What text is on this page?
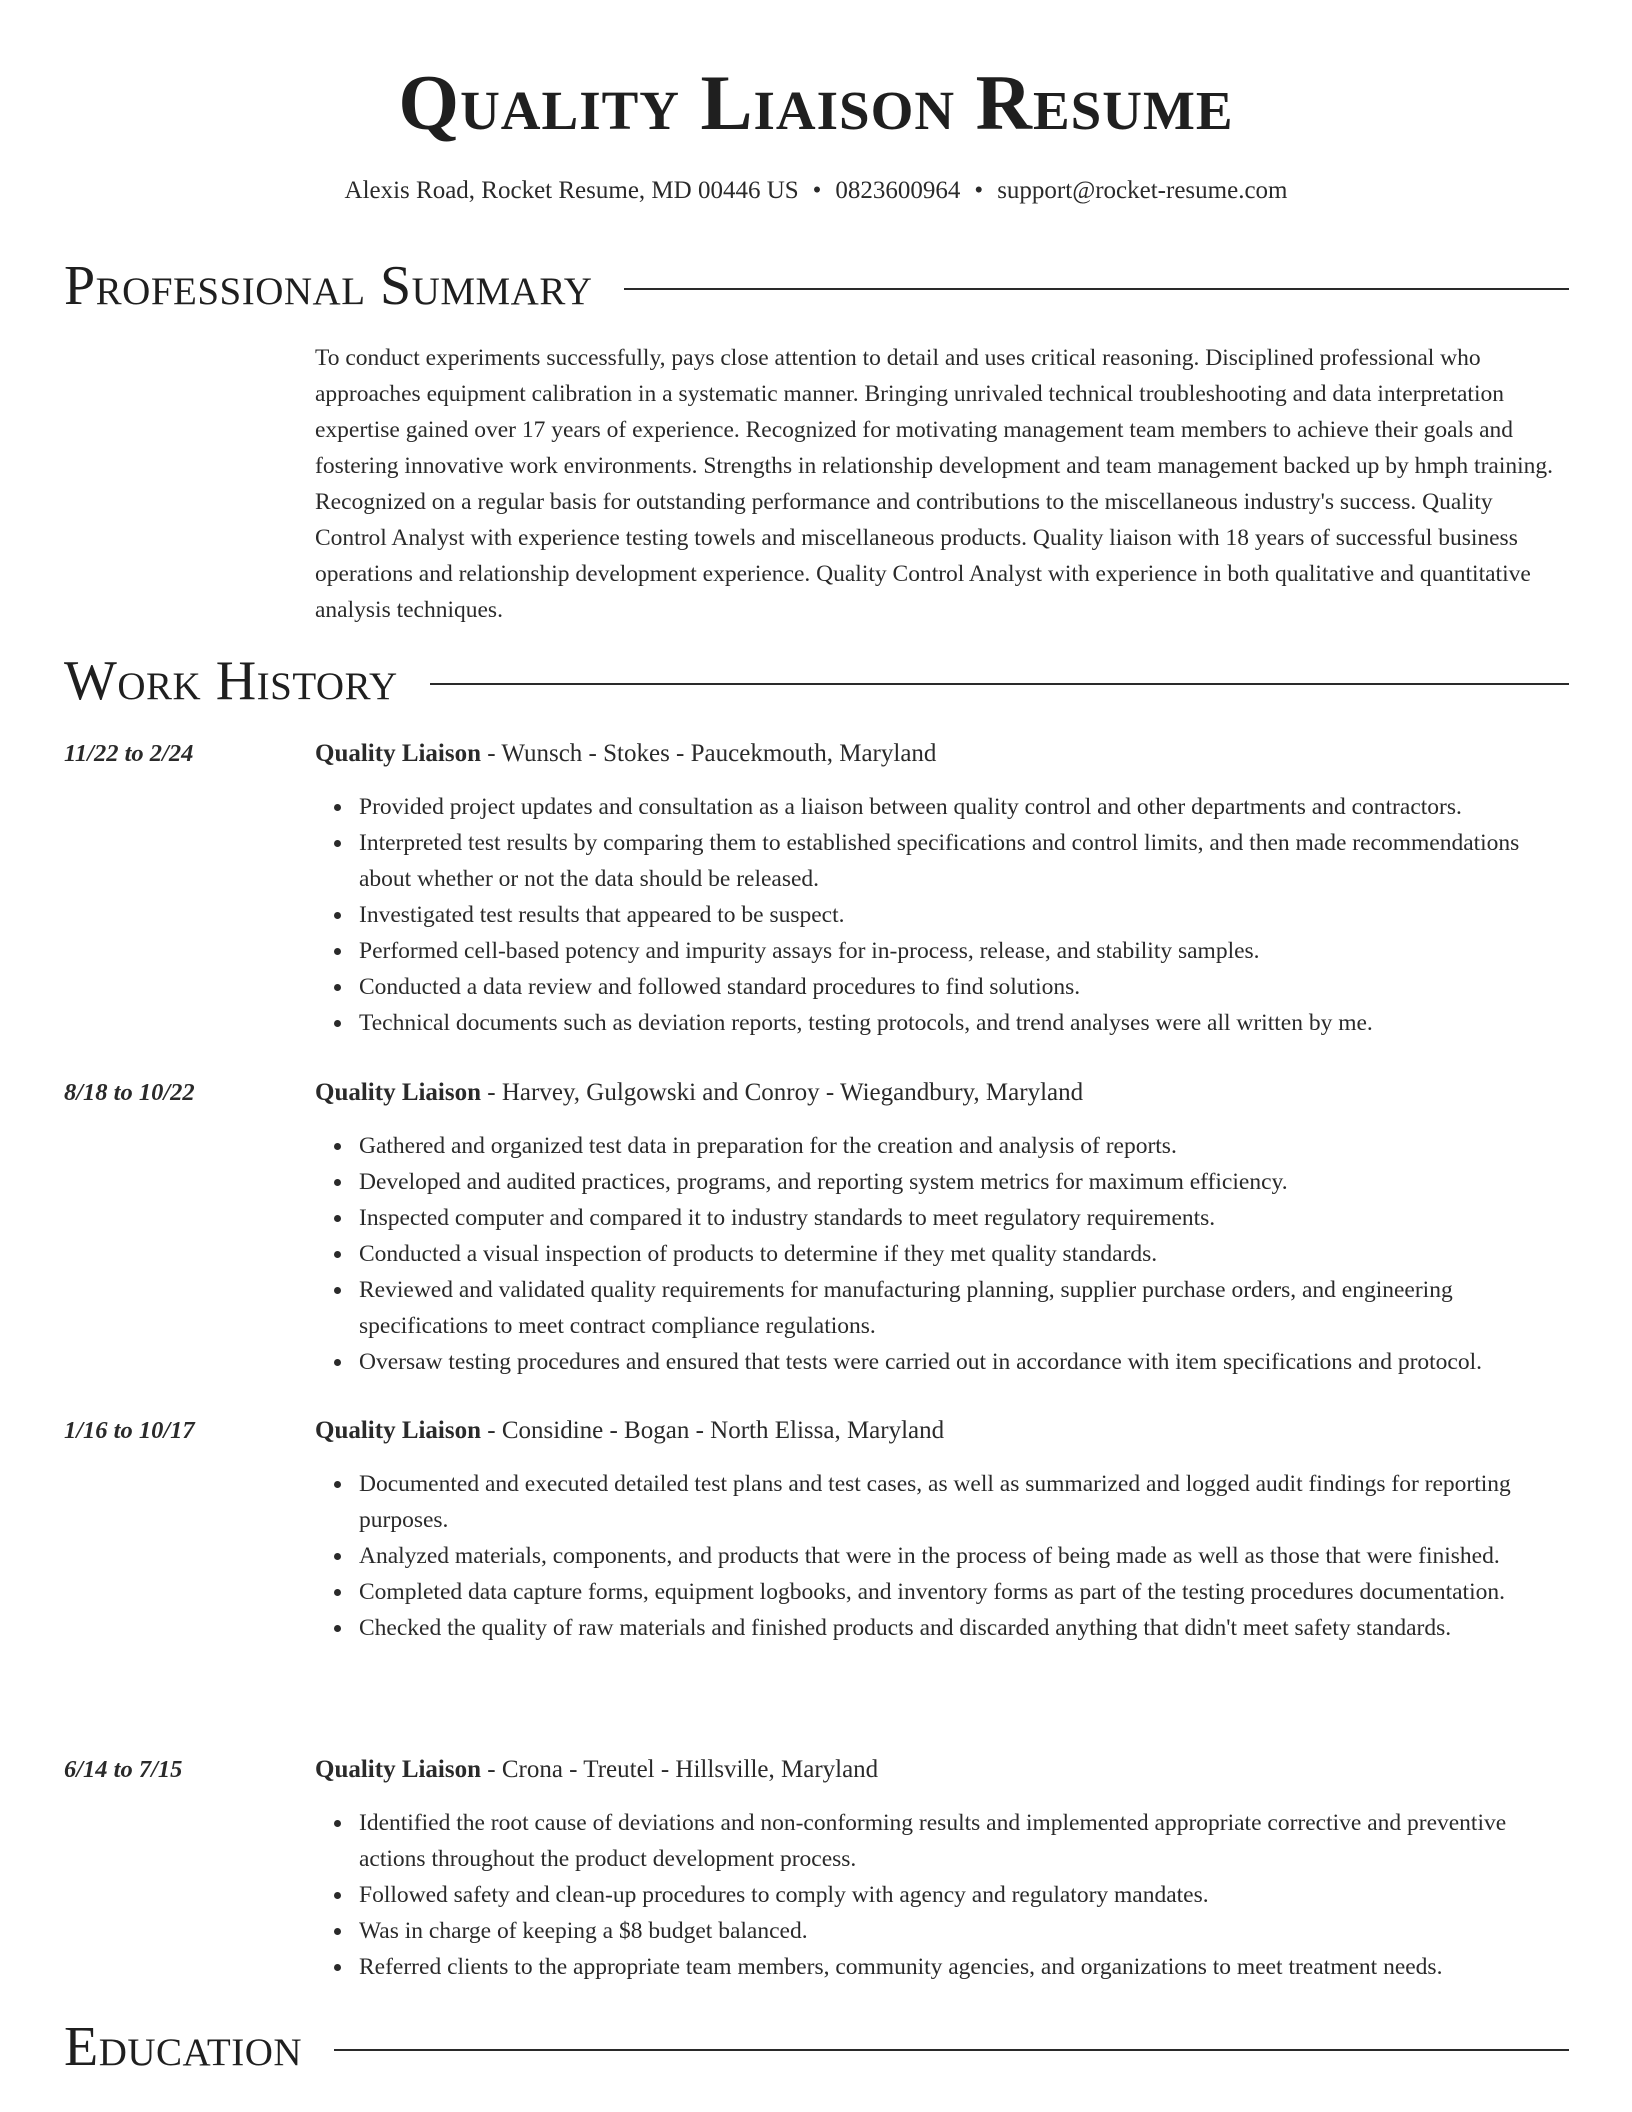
Quality Liaison Resume
Alexis Road, Rocket Resume, MD 00446 US • 0823600964 • support@rocket-resume.com
Professional Summary

To conduct experiments successfully, pays close attention to detail and uses critical reasoning. Disciplined professional who approaches equipment calibration in a systematic manner. Bringing unrivaled technical troubleshooting and data interpretation expertise gained over 17 years of experience. Recognized for motivating management team members to achieve their goals and fostering innovative work environments. Strengths in relationship development and team management backed up by hmph training. Recognized on a regular basis for outstanding performance and contributions to the miscellaneous industry's success. Quality Control Analyst with experience testing towels and miscellaneous products. Quality liaison with 18 years of successful business operations and relationship development experience. Quality Control Analyst with experience in both qualitative and quantitative analysis techniques.

Work History
11/22 to 2/24	Quality Liaison - Wunsch - Stokes - Paucekmouth, Maryland
Provided project updates and consultation as a liaison between quality control and other departments and contractors.
Interpreted test results by comparing them to established specifications and control limits, and then made recommendations about whether or not the data should be released.
Investigated test results that appeared to be suspect.
Performed cell-based potency and impurity assays for in-process, release, and stability samples.
Conducted a data review and followed standard procedures to find solutions.
Technical documents such as deviation reports, testing protocols, and trend analyses were all written by me.
8/18 to 10/22	Quality Liaison - Harvey, Gulgowski and Conroy - Wiegandbury, Maryland
Gathered and organized test data in preparation for the creation and analysis of reports.
Developed and audited practices, programs, and reporting system metrics for maximum efficiency.
Inspected computer and compared it to industry standards to meet regulatory requirements.
Conducted a visual inspection of products to determine if they met quality standards.
Reviewed and validated quality requirements for manufacturing planning, supplier purchase orders, and engineering specifications to meet contract compliance regulations.
Oversaw testing procedures and ensured that tests were carried out in accordance with item specifications and protocol.
1/16 to 10/17	Quality Liaison - Considine - Bogan - North Elissa, Maryland
Documented and executed detailed test plans and test cases, as well as summarized and logged audit findings for reporting purposes.
Analyzed materials, components, and products that were in the process of being made as well as those that were finished.
Completed data capture forms, equipment logbooks, and inventory forms as part of the testing procedures documentation.
Checked the quality of raw materials and finished products and discarded anything that didn't meet safety standards.
6/14 to 7/15	Quality Liaison - Crona - Treutel - Hillsville, Maryland
Identified the root cause of deviations and non-conforming results and implemented appropriate corrective and preventive actions throughout the product development process.
Followed safety and clean-up procedures to comply with agency and regulatory mandates.
Was in charge of keeping a $8 budget balanced.
Referred clients to the appropriate team members, community agencies, and organizations to meet treatment needs.
Education
